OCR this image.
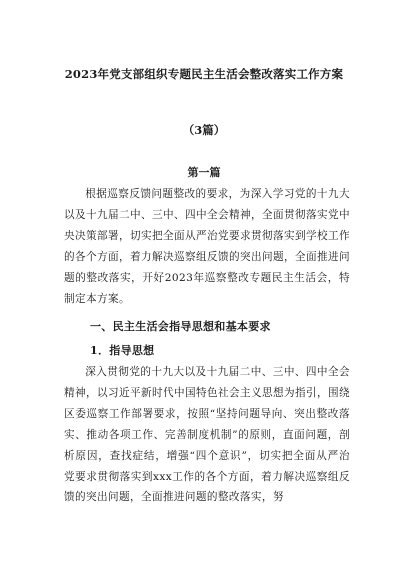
2023年党支部组织专题民主生活会整改落实工作方案
（3篇）
第一篇

根据巡察反馈问题整改的要求，为深入学习党的十九大以及十九届二中、三中、四中全会精神，全面贯彻落实党中央决策部署，切实把全面从严治党要求贯彻落实到学校工作的各个方面，着力解决巡察组反馈的突出问题，全面推进问题的整改落实，开好2023年巡察整改专题民主生活会，特制定本方案。

一、民主生活会指导思想和基本要求
1．指导思想

深入贯彻党的十九大以及十九届二中、三中、四中全会精神，以习近平新时代中国特色社会主义思想为指引，围绕区委巡察工作部署要求，按照“坚持问题导向、突出整改落实、推动各项工作、完善制度机制”的原则，直面问题，剖析原因，查找症结，增强“四个意识”，切实把全面从严治党要求贯彻落实到xxx工作的各个方面，着力解决巡察组反馈的突出问题，全面推进问题的整改落实，努
